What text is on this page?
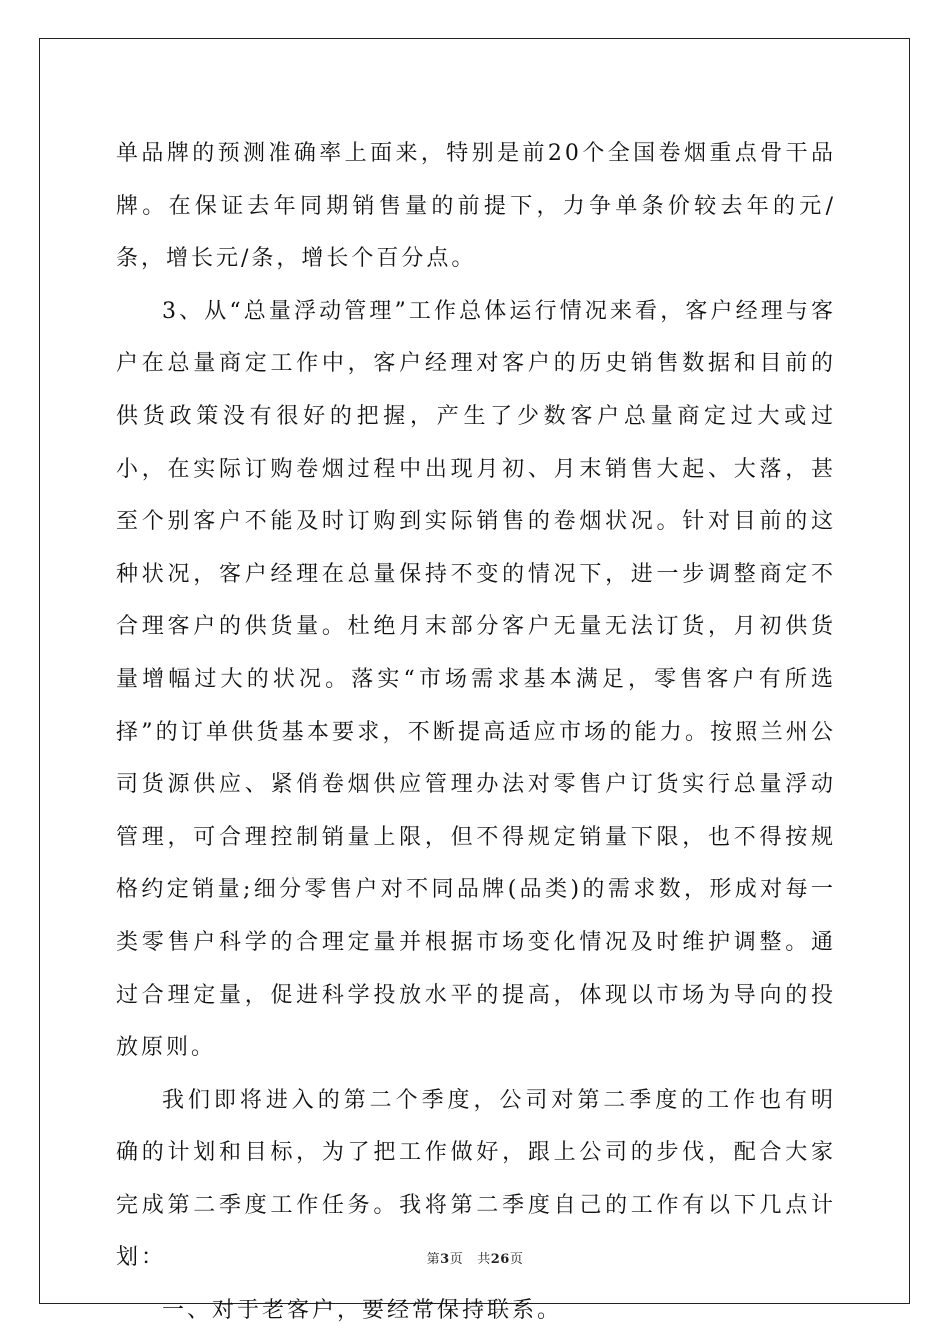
单品牌的预测准确率上面来，特别是前20个全国卷烟重点骨干品牌。在保证去年同期销售量的前提下，力争单条价较去年的元/条，增长元/条，增长个百分点。

3、从“总量浮动管理”工作总体运行情况来看，客户经理与客户在总量商定工作中，客户经理对客户的历史销售数据和目前的供货政策没有很好的把握，产生了少数客户总量商定过大或过小，在实际订购卷烟过程中出现月初、月末销售大起、大落，甚至个别客户不能及时订购到实际销售的卷烟状况。针对目前的这种状况，客户经理在总量保持不变的情况下，进一步调整商定不合理客户的供货量。杜绝月末部分客户无量无法订货，月初供货量增幅过大的状况。落实“市场需求基本满足，零售客户有所选择”的订单供货基本要求，不断提高适应市场的能力。按照兰州公司货源供应、紧俏卷烟供应管理办法对零售户订货实行总量浮动管理，可合理控制销量上限，但不得规定销量下限，也不得按规格约定销量;细分零售户对不同品牌(品类)的需求数，形成对每一类零售户科学的合理定量并根据市场变化情况及时维护调整。通过合理定量，促进科学投放水平的提高，体现以市场为导向的投放原则。

我们即将进入的第二个季度，公司对第二季度的工作也有明确的计划和目标，为了把工作做好，跟上公司的步伐，配合大家完成第二季度工作任务。我将第二季度自己的工作有以下几点计划：

一、对于老客户，要经常保持联系。

第3页 共26页
